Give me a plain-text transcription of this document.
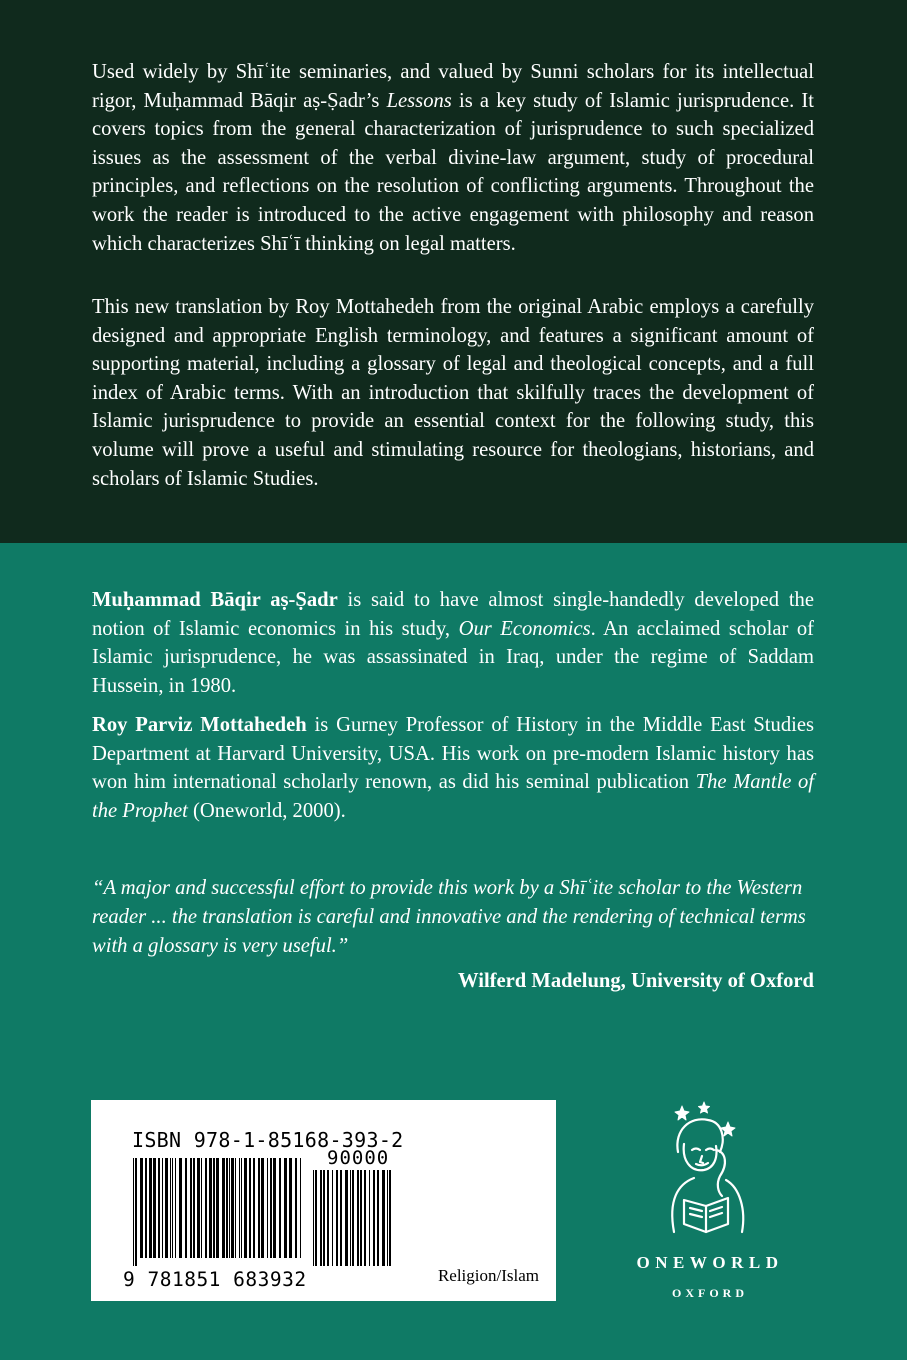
Used widely by Shīʿite seminaries, and valued by Sunni scholars for its intellectual rigor, Muḥammad Bāqir aṣ-Ṣadr’s Lessons is a key study of Islamic jurisprudence. It covers topics from the general characterization of jurisprudence to such specialized issues as the assessment of the verbal divine-law argument, study of procedural principles, and reflections on the resolution of conflicting arguments. Throughout the work the reader is introduced to the active engagement with philosophy and reason which characterizes Shīʿī thinking on legal matters.

This new translation by Roy Mottahedeh from the original Arabic employs a carefully designed and appropriate English terminology, and features a significant amount of supporting material, including a glossary of legal and theological concepts, and a full index of Arabic terms. With an introduction that skilfully traces the development of Islamic jurisprudence to provide an essential context for the following study, this volume will prove a useful and stimulating resource for theologians, historians, and scholars of Islamic Studies.

Muḥammad Bāqir aṣ-Ṣadr is said to have almost single-handedly developed the notion of Islamic economics in his study, Our Economics. An acclaimed scholar of Islamic jurisprudence, he was assassinated in Iraq, under the regime of Saddam Hussein, in 1980.

Roy Parviz Mottahedeh is Gurney Professor of History in the Middle East Studies Department at Harvard University, USA. His work on pre-modern Islamic history has won him international scholarly renown, as did his seminal publication The Mantle of the Prophet (Oneworld, 2000).

“A major and successful effort to provide this work by a Shīʿite scholar to the Western reader ... the translation is careful and innovative and the rendering of technical terms with a glossary is very useful.”

Wilferd Madelung, University of Oxford

ISBN 978-1-85168-393-2
90000
9 781851 683932	Religion/Islam
ONEWORLD
OXFORD
